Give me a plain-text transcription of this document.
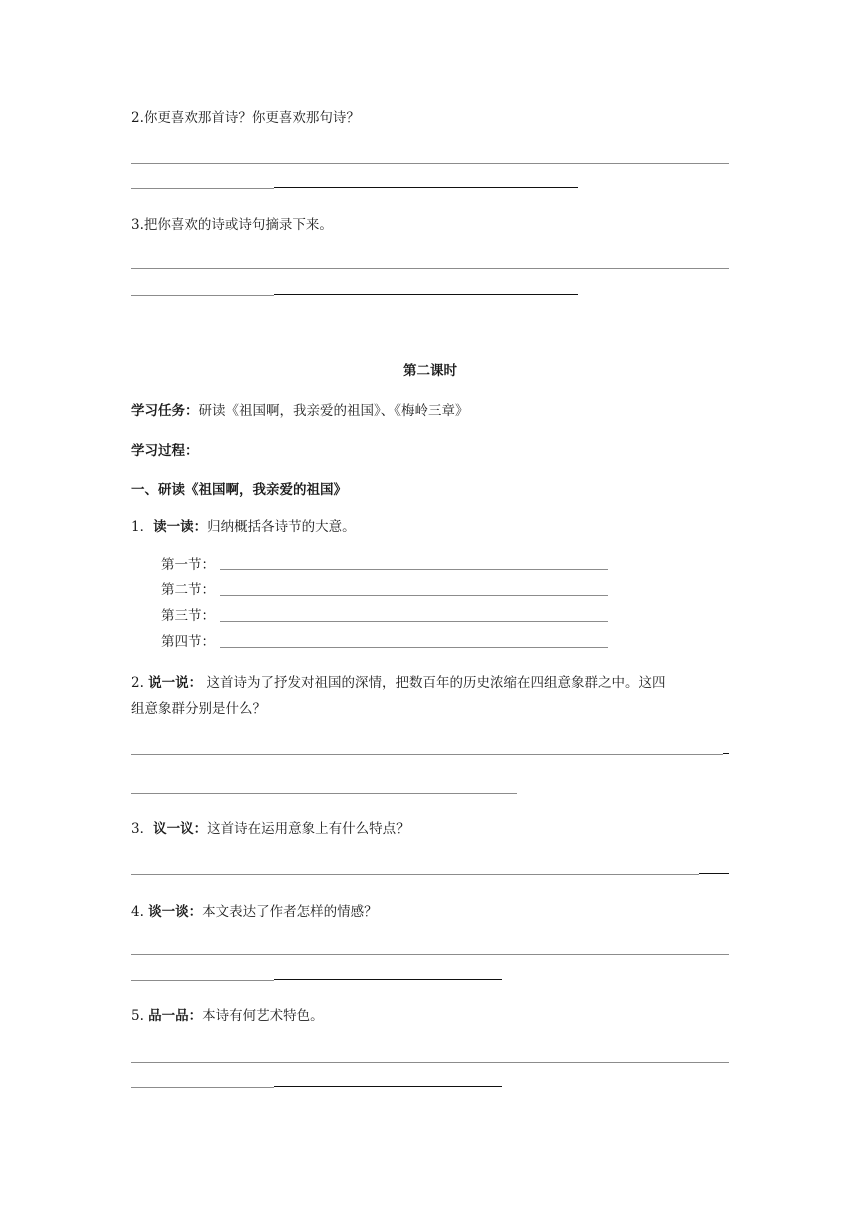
2.你更喜欢那首诗？你更喜欢那句诗？
3.把你喜欢的诗或诗句摘录下来。
第二课时
学习任务：研读《祖国啊，我亲爱的祖国》、《梅岭三章》
学习过程：
一、研读《祖国啊，我亲爱的祖国》
1．读一读：归纳概括各诗节的大意。
第一节：
第二节：
第三节：
第四节：
2. 说一说： 这首诗为了抒发对祖国的深情，把数百年的历史浓缩在四组意象群之中。这四
组意象群分别是什么？
3．议一议：这首诗在运用意象上有什么特点？
4. 谈一谈：本文表达了作者怎样的情感？
5. 品一品：本诗有何艺术特色。
